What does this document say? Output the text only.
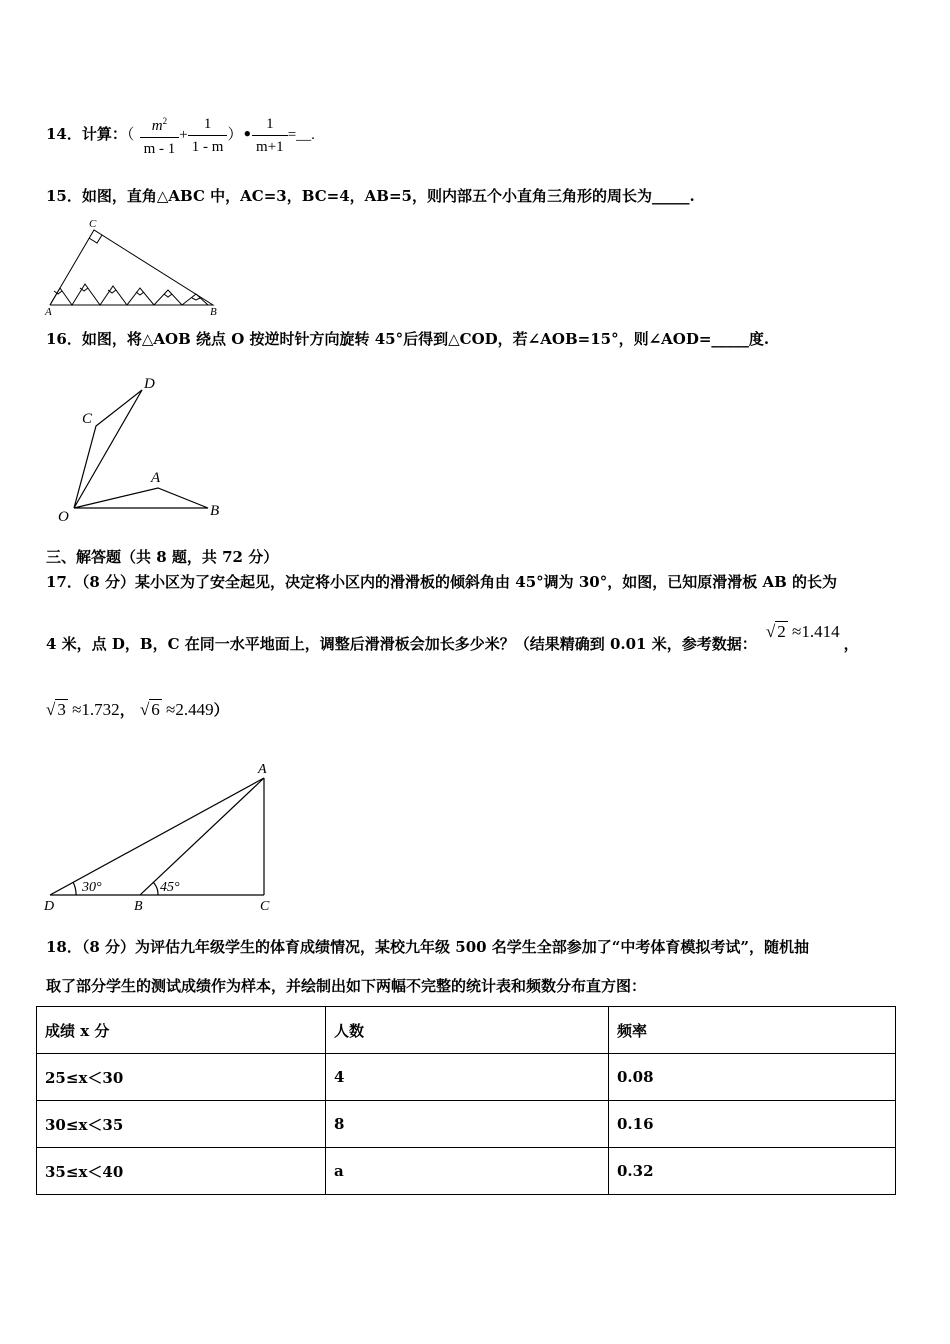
14．计算：（ $\frac{m^2}{m - 1} + \frac{1}{1 - m}$ ）• $\frac{1}{m+1}$ =__.
15．如图，直角△ABC 中，AC=3，BC=4，AB=5，则内部五个小直角三角形的周长为_____.
C
A	B
16．如图，将△AOB 绕点 O 按逆时针方向旋转 45°后得到△COD，若∠AOB=15°，则∠AOD=_____度.
D
C
A
O	B
三、解答题（共 8 题，共 72 分）
17．（8 分）某小区为了安全起见，决定将小区内的滑滑板的倾斜角由 45°调为 30°，如图，已知原滑滑板 AB 的长为
4 米，点 D，B，C 在同一水平地面上，调整后滑滑板会加长多少米？（结果精确到 0.01 米，参考数据： √ 2 ≈1.414，
√ 3 ≈1.732， √ 6 ≈2.449）
A
D	B	C
30°	45°
18．（8 分）为评估九年级学生的体育成绩情况，某校九年级 500 名学生全部参加了“中考体育模拟考试”，随机抽
取了部分学生的测试成绩作为样本，并绘制出如下两幅不完整的统计表和频数分布直方图：
成绩 x 分	人数	频率
25≤x＜30	4	0.08
30≤x＜35	8	0.16
35≤x＜40	a	0.32
